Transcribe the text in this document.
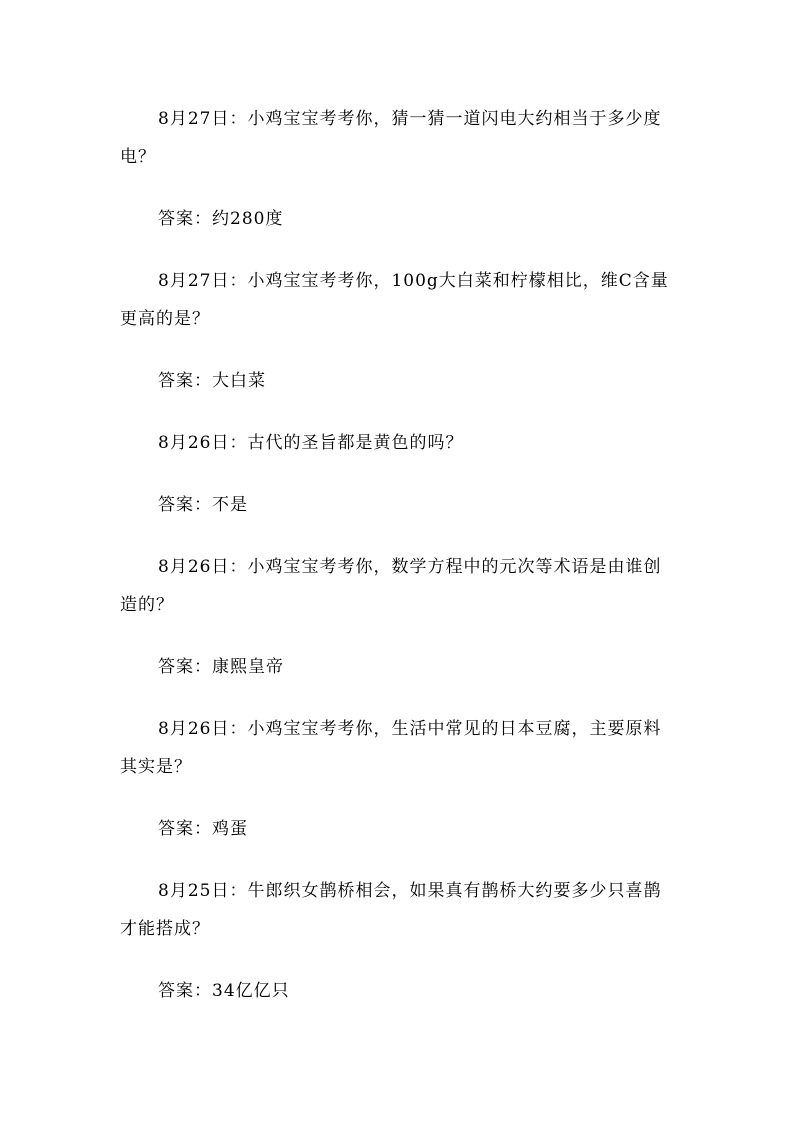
8月27日：小鸡宝宝考考你，猜一猜一道闪电大约相当于多少度电？

答案：约280度

8月27日：小鸡宝宝考考你，100g大白菜和柠檬相比，维C含量更高的是？

答案：大白菜

8月26日：古代的圣旨都是黄色的吗？

答案：不是

8月26日：小鸡宝宝考考你，数学方程中的元次等术语是由谁创造的？

答案：康熙皇帝

8月26日：小鸡宝宝考考你，生活中常见的日本豆腐，主要原料其实是？

答案：鸡蛋

8月25日：牛郎织女鹊桥相会，如果真有鹊桥大约要多少只喜鹊才能搭成？

答案：34亿亿只
